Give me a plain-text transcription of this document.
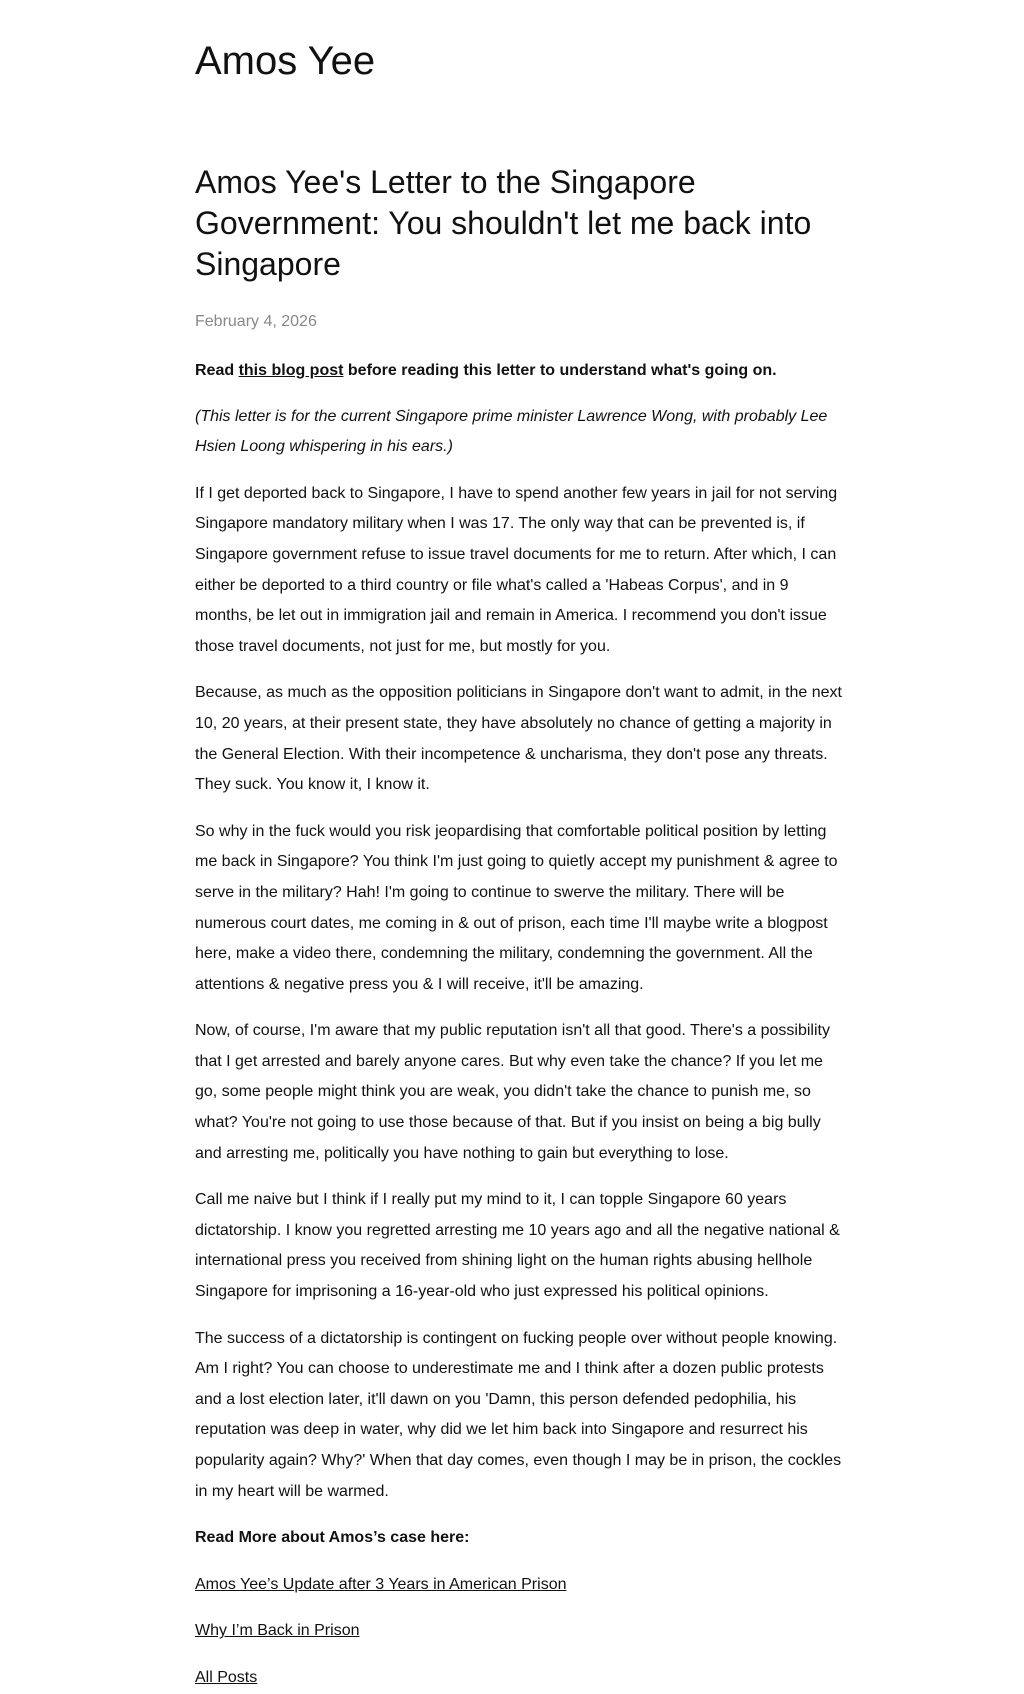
Amos Yee
Amos Yee's Letter to the Singapore Government: You shouldn't let me back into Singapore
February 4, 2026

Read this blog post before reading this letter to understand what's going on.

(This letter is for the current Singapore prime minister Lawrence Wong, with probably Lee Hsien Loong whispering in his ears.)

If I get deported back to Singapore, I have to spend another few years in jail for not serving Singapore mandatory military when I was 17. The only way that can be prevented is, if Singapore government refuse to issue travel documents for me to return. After which, I can either be deported to a third country or file what's called a 'Habeas Corpus', and in 9 months, be let out in immigration jail and remain in America. I recommend you don't issue those travel documents, not just for me, but mostly for you.

Because, as much as the opposition politicians in Singapore don't want to admit, in the next 10, 20 years, at their present state, they have absolutely no chance of getting a majority in the General Election. With their incompetence & uncharisma, they don't pose any threats. They suck. You know it, I know it.

So why in the fuck would you risk jeopardising that comfortable political position by letting me back in Singapore? You think I'm just going to quietly accept my punishment & agree to serve in the military? Hah! I'm going to continue to swerve the military. There will be numerous court dates, me coming in & out of prison, each time I'll maybe write a blogpost here, make a video there, condemning the military, condemning the government. All the attentions & negative press you & I will receive, it'll be amazing.

Now, of course, I'm aware that my public reputation isn't all that good. There's a possibility that I get arrested and barely anyone cares. But why even take the chance? If you let me go, some people might think you are weak, you didn't take the chance to punish me, so what? You're not going to use those because of that. But if you insist on being a big bully and arresting me, politically you have nothing to gain but everything to lose.

Call me naive but I think if I really put my mind to it, I can topple Singapore 60 years dictatorship. I know you regretted arresting me 10 years ago and all the negative national & international press you received from shining light on the human rights abusing hellhole Singapore for imprisoning a 16-year-old who just expressed his political opinions.

The success of a dictatorship is contingent on fucking people over without people knowing. Am I right? You can choose to underestimate me and I think after a dozen public protests and a lost election later, it'll dawn on you 'Damn, this person defended pedophilia, his reputation was deep in water, why did we let him back into Singapore and resurrect his popularity again? Why?' When that day comes, even though I may be in prison, the cockles in my heart will be warmed.

Read More about Amos’s case here:

Amos Yee’s Update after 3 Years in American Prison

Why I’m Back in Prison

All Posts
